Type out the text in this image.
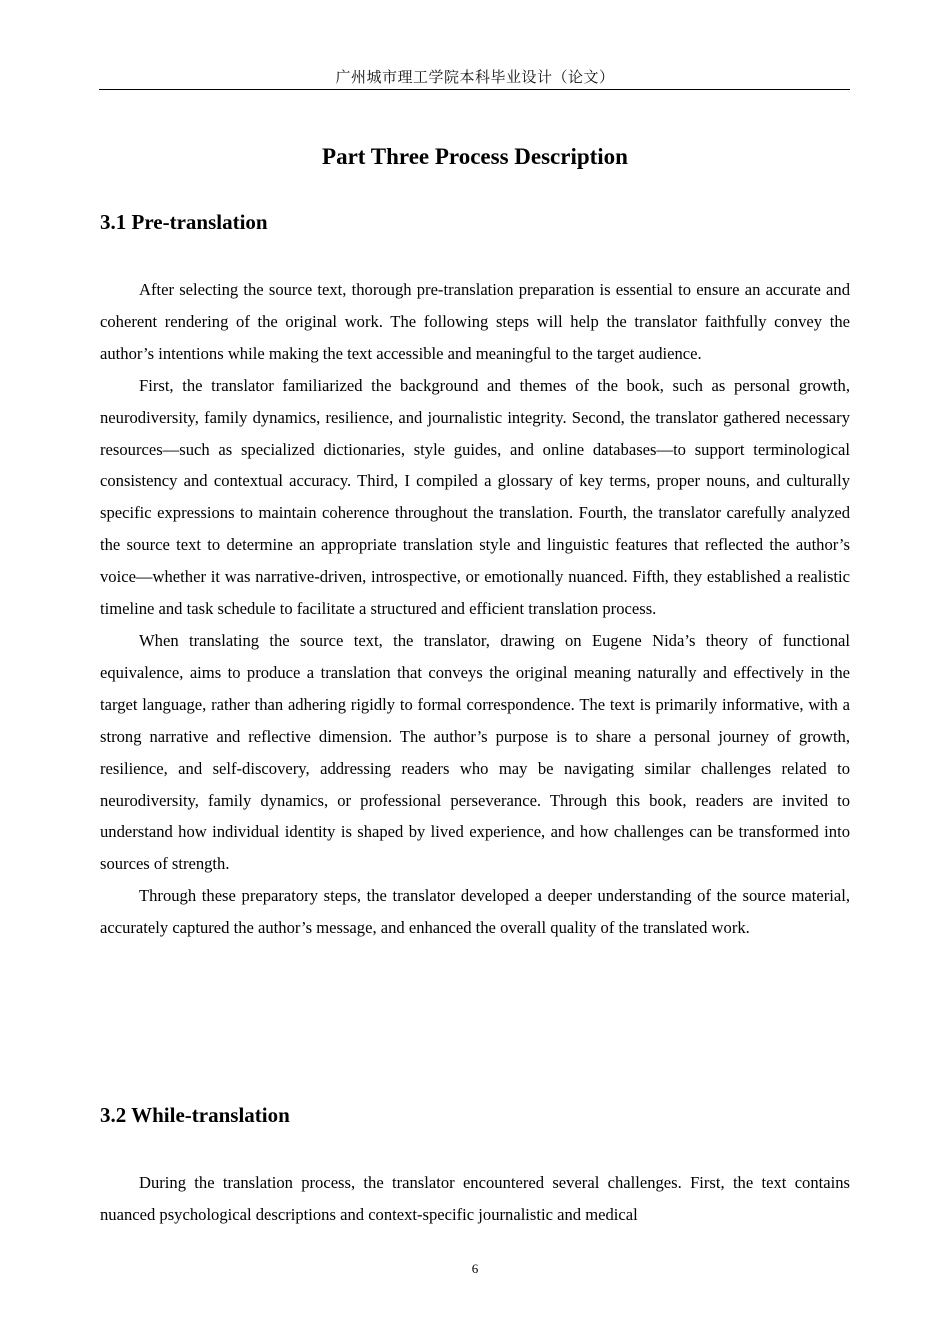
广州城市理工学院本科毕业设计（论文）
Part Three Process Description
3.1 Pre-translation

After selecting the source text, thorough pre-translation preparation is essential to ensure an accurate and coherent rendering of the original work. The following steps will help the translator faithfully convey the author’s intentions while making the text accessible and meaningful to the target audience.

First, the translator familiarized the background and themes of the book, such as personal growth, neurodiversity, family dynamics, resilience, and journalistic integrity. Second, the translator gathered necessary resources—such as specialized dictionaries, style guides, and online databases—to support terminological consistency and contextual accuracy. Third, I compiled a glossary of key terms, proper nouns, and culturally specific expressions to maintain coherence throughout the translation. Fourth, the translator carefully analyzed the source text to determine an appropriate translation style and linguistic features that reflected the author’s voice—whether it was narrative-driven, introspective, or emotionally nuanced. Fifth, they established a realistic timeline and task schedule to facilitate a structured and efficient translation process.

When translating the source text, the translator, drawing on Eugene Nida’s theory of functional equivalence, aims to produce a translation that conveys the original meaning naturally and effectively in the target language, rather than adhering rigidly to formal correspondence. The text is primarily informative, with a strong narrative and reflective dimension. The author’s purpose is to share a personal journey of growth, resilience, and self-discovery, addressing readers who may be navigating similar challenges related to neurodiversity, family dynamics, or professional perseverance. Through this book, readers are invited to understand how individual identity is shaped by lived experience, and how challenges can be transformed into sources of strength.

Through these preparatory steps, the translator developed a deeper understanding of the source material, accurately captured the author’s message, and enhanced the overall quality of the translated work.

3.2 While-translation

During the translation process, the translator encountered several challenges. First, the text contains nuanced psychological descriptions and context-specific journalistic and medical

6
